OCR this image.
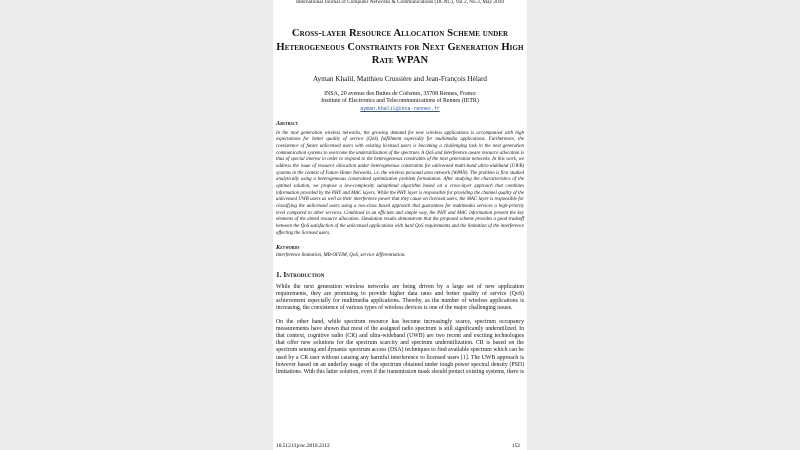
International Journal of Computer Networks & Communications (IJCNC), Vol.2, No.3, May 2010
Cross-layer Resource Allocation Scheme under Heterogeneous Constraints for Next Generation High Rate WPAN
Ayman Khalil, Matthieu Crussière and Jean-François Hélard
INSA, 20 avenue des Buttes de Coësmes, 35708 Rennes, France
Institute of Electronics and Telecommunications of Rennes (IETR)
ayman.khalil@insa-rennes.fr
Abstract
In the next generation wireless networks, the growing demand for new wireless applications is accompanied with high expectations for better quality of service (QoS) fulfillment especially for multimedia applications. Furthermore, the coexistence of future unlicensed users with existing licensed users is becoming a challenging task in the next generation communication systems to overcome the underutilization of the spectrum. A QoS and interference aware resource allocation is thus of special interest in order to respond to the heterogeneous constraints of the next generation networks. In this work, we address the issue of resource allocation under heterogeneous constraints for unlicensed multi-band ultra-wideband (UWB) systems in the context of Future Home Networks, i.e. the wireless personal area network (WPAN). The problem is first studied analytically using a heterogeneous constrained optimization problem formulation. After studying the characteristics of the optimal solution, we propose a low-complexity suboptimal algorithm based on a cross-layer approach that combines information provided by the PHY and MAC layers. While the PHY layer is responsible for providing the channel quality of the unlicensed UWB users as well as their interference power that they cause on licensed users, the MAC layer is responsible for classifying the unlicensed users using a two-class based approach that guarantees for multimedia services a high-priority level compared to other services. Combined in an efficient and simple way, the PHY and MAC information present the key elements of the aimed resource allocation. Simulation results demonstrate that the proposed scheme provides a good tradeoff between the QoS satisfaction of the unlicensed applications with hard QoS requirements and the limitation of the interference affecting the licensed users.
Keywords
Interference limitation, MB-OFDM, QoS, service differentiation.
1. Introduction
While the next generation wireless networks are being driven by a large set of new application requirements, they are promising to provide higher data rates and better quality of service (QoS) achievement especially for multimedia applications. Thereby, as the number of wireless applications is increasing, the coexistence of various types of wireless devices is one of the major challenging issues.
On the other hand, while spectrum resource has become increasingly scarce, spectrum occupancy measurements have shown that most of the assigned radio spectrum is still significantly underutilized. In that context, cognitive radio (CR) and ultra-wideband (UWB) are two recent and exciting technologies that offer new solutions for the spectrum scarcity and spectrum underutilization. CR is based on the spectrum sensing and dynamic spectrum access (DSA) techniques to find available spectrum which can be used by a CR user without causing any harmful interference to licensed users [1]. The UWB approach is however based on an underlay usage of the spectrum obtained under tough power spectral density (PSD) limitations. With this latter solution, even if the transmission mask should protect existing systems, there is
10.5121/ijcnc.2010.2312	152
